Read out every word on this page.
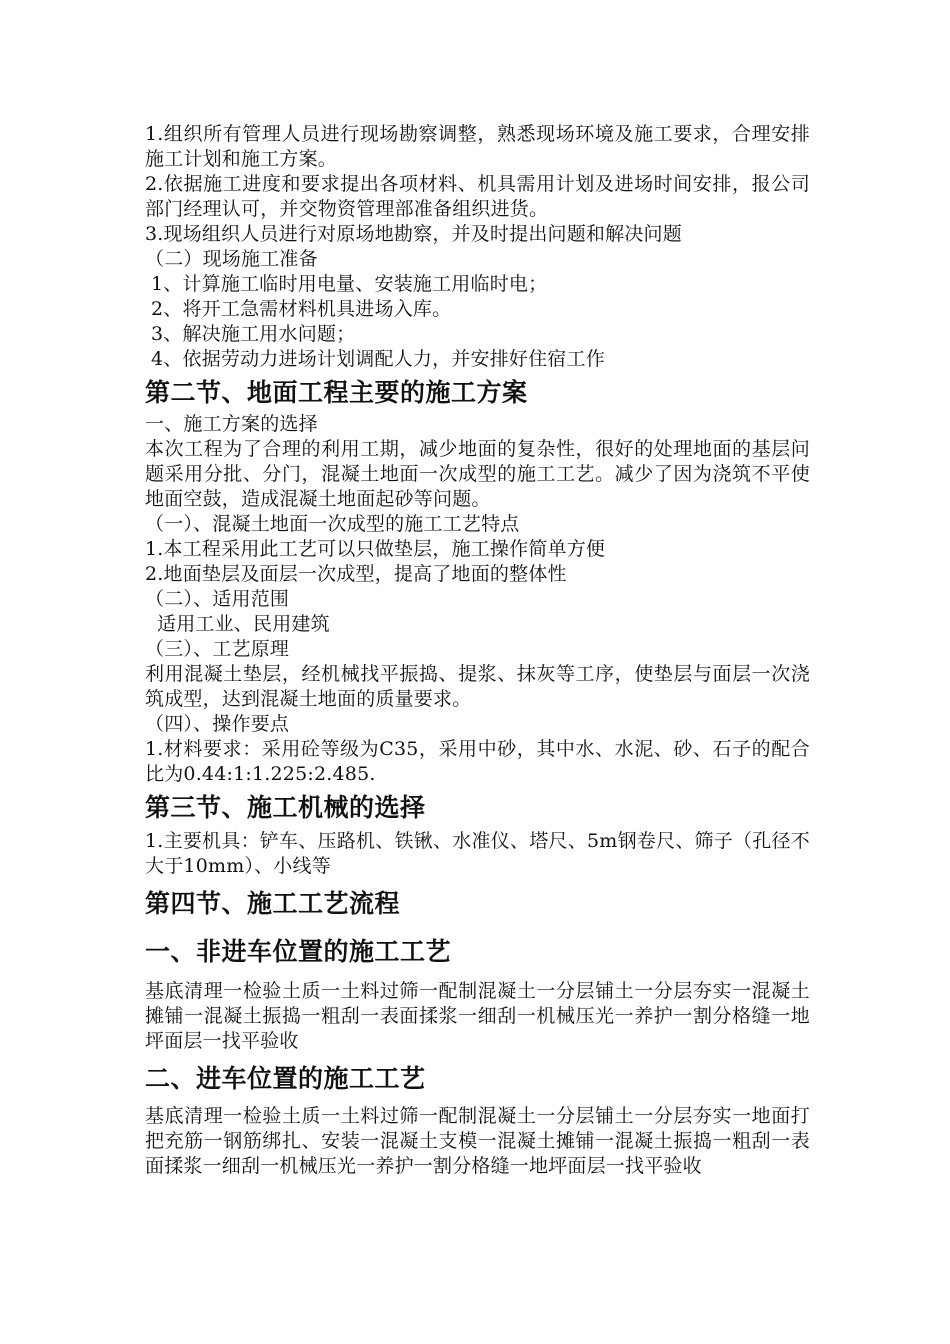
1.组织所有管理人员进行现场勘察调整，熟悉现场环境及施工要求，合理安排施工计划和施工方案。

2.依据施工进度和要求提出各项材料、机具需用计划及进场时间安排，报公司部门经理认可，并交物资管理部准备组织进货。

3.现场组织人员进行对原场地勘察，并及时提出问题和解决问题

（二）现场施工准备

1、计算施工临时用电量、安装施工用临时电；

2、将开工急需材料机具进场入库。

3、解决施工用水问题；

4、依据劳动力进场计划调配人力，并安排好住宿工作

第二节、地面工程主要的施工方案

一、施工方案的选择

本次工程为了合理的利用工期，减少地面的复杂性，很好的处理地面的基层问题采用分批、分门，混凝土地面一次成型的施工工艺。减少了因为浇筑不平使地面空鼓，造成混凝土地面起砂等问题。

（一）、混凝土地面一次成型的施工工艺特点

1.本工程采用此工艺可以只做垫层，施工操作简单方便

2.地面垫层及面层一次成型，提高了地面的整体性

（二）、适用范围

适用工业、民用建筑

（三）、工艺原理

利用混凝土垫层，经机械找平振捣、提浆、抹灰等工序，使垫层与面层一次浇筑成型，达到混凝土地面的质量要求。

（四）、操作要点

1.材料要求：采用砼等级为C35，采用中砂，其中水、水泥、砂、石子的配合比为0.44:1:1.225:2.485.

第三节、施工机械的选择

1.主要机具：铲车、压路机、铁锹、水准仪、塔尺、5m钢卷尺、筛子（孔径不大于10mm）、小线等

第四节、施工工艺流程
一、非进车位置的施工工艺

基底清理一检验土质一土料过筛一配制混凝土一分层铺土一分层夯实一混凝土摊铺一混凝土振捣一粗刮一表面揉浆一细刮一机械压光一养护一割分格缝一地坪面层一找平验收

二、进车位置的施工工艺

基底清理一检验土质一土料过筛一配制混凝土一分层铺土一分层夯实一地面打把充筋一钢筋绑扎、安装一混凝土支模一混凝土摊铺一混凝土振捣一粗刮一表面揉浆一细刮一机械压光一养护一割分格缝一地坪面层一找平验收
